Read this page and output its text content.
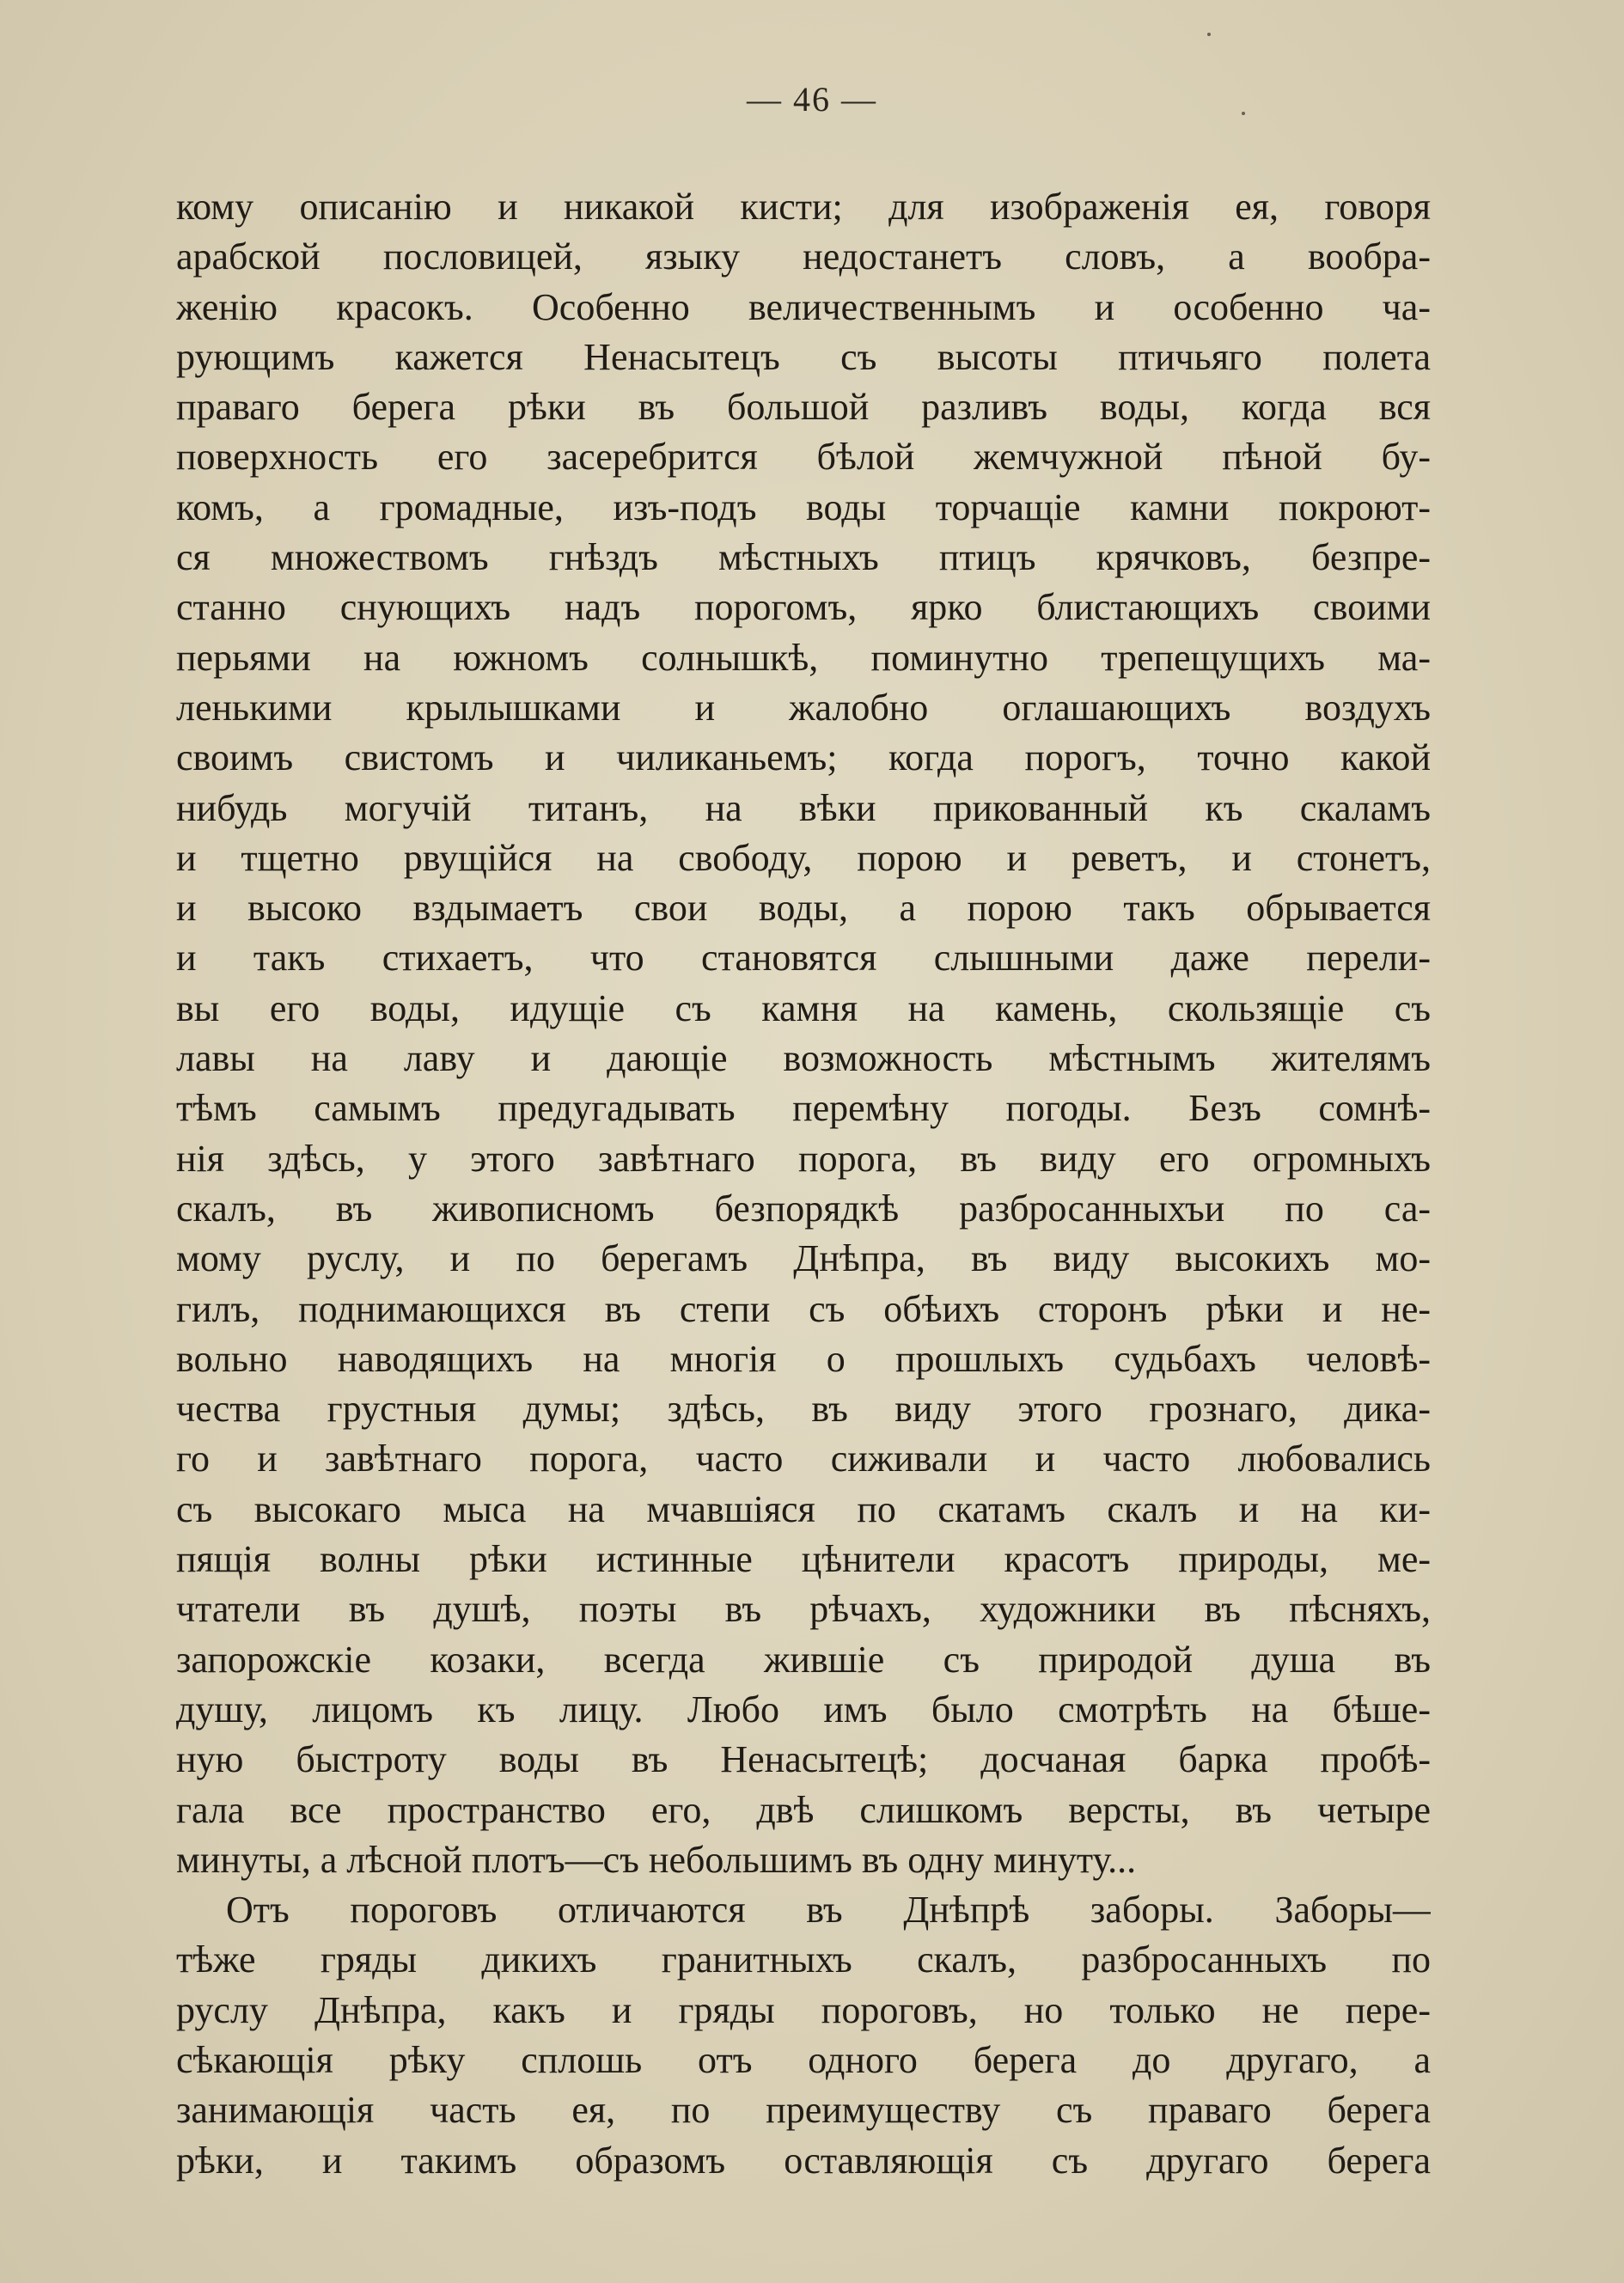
— 46 —
кому описанію и никакой кисти; для изображенія ея, говоря
арабской пословицей, языку недостанетъ словъ, а вообра-
женію красокъ. Особенно величественнымъ и особенно ча-
рующимъ кажется Ненасытецъ съ высоты птичьяго полета
праваго берега рѣки въ большой разливъ воды, когда вся
поверхность его засеребрится бѣлой жемчужной пѣной бу-
комъ, а громадные, изъ-подъ воды торчащіе камни покроют-
ся множествомъ гнѣздъ мѣстныхъ птицъ крячковъ, безпре-
станно снующихъ надъ порогомъ, ярко блистающихъ своими
перьями на южномъ солнышкѣ, поминутно трепещущихъ ма-
ленькими крылышками и жалобно оглашающихъ воздухъ
своимъ свистомъ и чиликаньемъ; когда порогъ, точно какой
нибудь могучій титанъ, на вѣки прикованный къ скаламъ
и тщетно рвущійся на свободу, порою и реветъ, и стонетъ,
и высоко вздымаетъ свои воды, а порою такъ обрывается
и такъ стихаетъ, что становятся слышными даже перели-
вы его воды, идущіе съ камня на камень, скользящіе съ
лавы на лаву и дающіе возможность мѣстнымъ жителямъ
тѣмъ самымъ предугадывать перемѣну погоды. Безъ сомнѣ-
нія здѣсь, у этого завѣтнаго порога, въ виду его огромныхъ
скалъ, въ живописномъ безпорядкѣ разбросанныхъи по са-
мому руслу, и по берегамъ Днѣпра, въ виду высокихъ мо-
гилъ, поднимающихся въ степи съ обѣихъ сторонъ рѣки и не-
вольно наводящихъ на многія о прошлыхъ судьбахъ человѣ-
чества грустныя думы; здѣсь, въ виду этого грознаго, дика-
го и завѣтнаго порога, часто сиживали и часто любовались
съ высокаго мыса на мчавшіяся по скатамъ скалъ и на ки-
пящія волны рѣки истинные цѣнители красотъ природы, ме-
чтатели въ душѣ, поэты въ рѣчахъ, художники въ пѣсняхъ,
запорожскіе козаки, всегда жившіе съ природой душа въ
душу, лицомъ къ лицу. Любо имъ было смотрѣть на бѣше-
ную быстроту воды въ Ненасытецѣ; досчаная барка пробѣ-
гала все пространство его, двѣ слишкомъ версты, въ четыре
минуты, а лѣсной плотъ—съ небольшимъ въ одну минуту...
Отъ пороговъ отличаются въ Днѣпрѣ заборы. Заборы—
тѣже гряды дикихъ гранитныхъ скалъ, разбросанныхъ по
руслу Днѣпра, какъ и гряды пороговъ, но только не пере-
сѣкающія рѣку сплошь отъ одного берега до другаго, а
занимающія часть ея, по преимуществу съ праваго берега
рѣки, и такимъ образомъ оставляющія съ другаго берега
